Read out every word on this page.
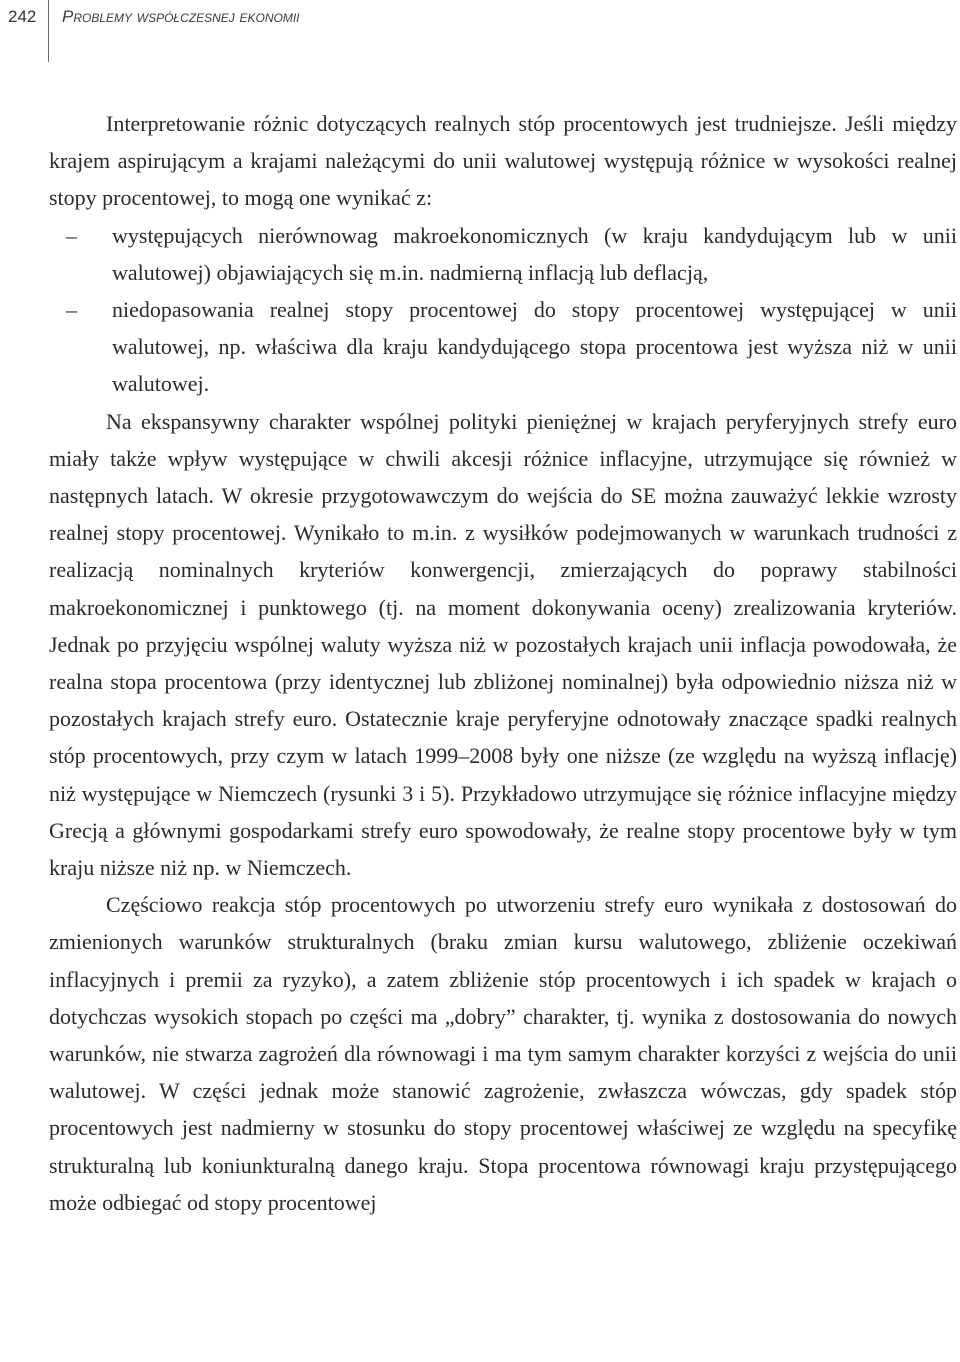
242 Problemy współczesnej ekonomii

Interpretowanie różnic dotyczących realnych stóp procentowych jest trudniejsze. Jeśli między krajem aspirującym a krajami należącymi do unii walutowej występują różnice w wysokości realnej stopy procentowej, to mogą one wynikać z:

– występujących nierównowag makroekonomicznych (w kraju kandydującym lub w unii walutowej) objawiających się m.in. nadmierną inflacją lub deflacją,
– niedopasowania realnej stopy procentowej do stopy procentowej występującej w unii walutowej, np. właściwa dla kraju kandydującego stopa procentowa jest wyższa niż w unii walutowej.

Na ekspansywny charakter wspólnej polityki pieniężnej w krajach peryferyjnych strefy euro miały także wpływ występujące w chwili akcesji różnice inflacyjne, utrzymujące się również w następnych latach. W okresie przygotowawczym do wejścia do SE można zauważyć lekkie wzrosty realnej stopy procentowej. Wynikało to m.in. z wysiłków podejmowanych w warunkach trudności z realizacją nominalnych kryteriów konwergencji, zmierzających do poprawy stabilności makroekonomicznej i punktowego (tj. na moment dokonywania oceny) zrealizowania kryteriów. Jednak po przyjęciu wspólnej waluty wyższa niż w pozostałych krajach unii inflacja powodowała, że realna stopa procentowa (przy identycznej lub zbliżonej nominalnej) była odpowiednio niższa niż w pozostałych krajach strefy euro. Ostatecznie kraje peryferyjne odnotowały znaczące spadki realnych stóp procentowych, przy czym w latach 1999–2008 były one niższe (ze względu na wyższą inflację) niż występujące w Niemczech (rysunki 3 i 5). Przykładowo utrzymujące się różnice inflacyjne między Grecją a głównymi gospodarkami strefy euro spowodowały, że realne stopy procentowe były w tym kraju niższe niż np. w Niemczech.

Częściowo reakcja stóp procentowych po utworzeniu strefy euro wynikała z dostosowań do zmienionych warunków strukturalnych (braku zmian kursu walutowego, zbliżenie oczekiwań inflacyjnych i premii za ryzyko), a zatem zbliżenie stóp procentowych i ich spadek w krajach o dotychczas wysokich stopach po części ma „dobry” charakter, tj. wynika z dostosowania do nowych warunków, nie stwarza zagrożeń dla równowagi i ma tym samym charakter korzyści z wejścia do unii walutowej. W części jednak może stanowić zagrożenie, zwłaszcza wówczas, gdy spadek stóp procentowych jest nadmierny w stosunku do stopy procentowej właściwej ze względu na specyfikę strukturalną lub koniunkturalną danego kraju. Stopa procentowa równowagi kraju przystępującego może odbiegać od stopy procentowej
